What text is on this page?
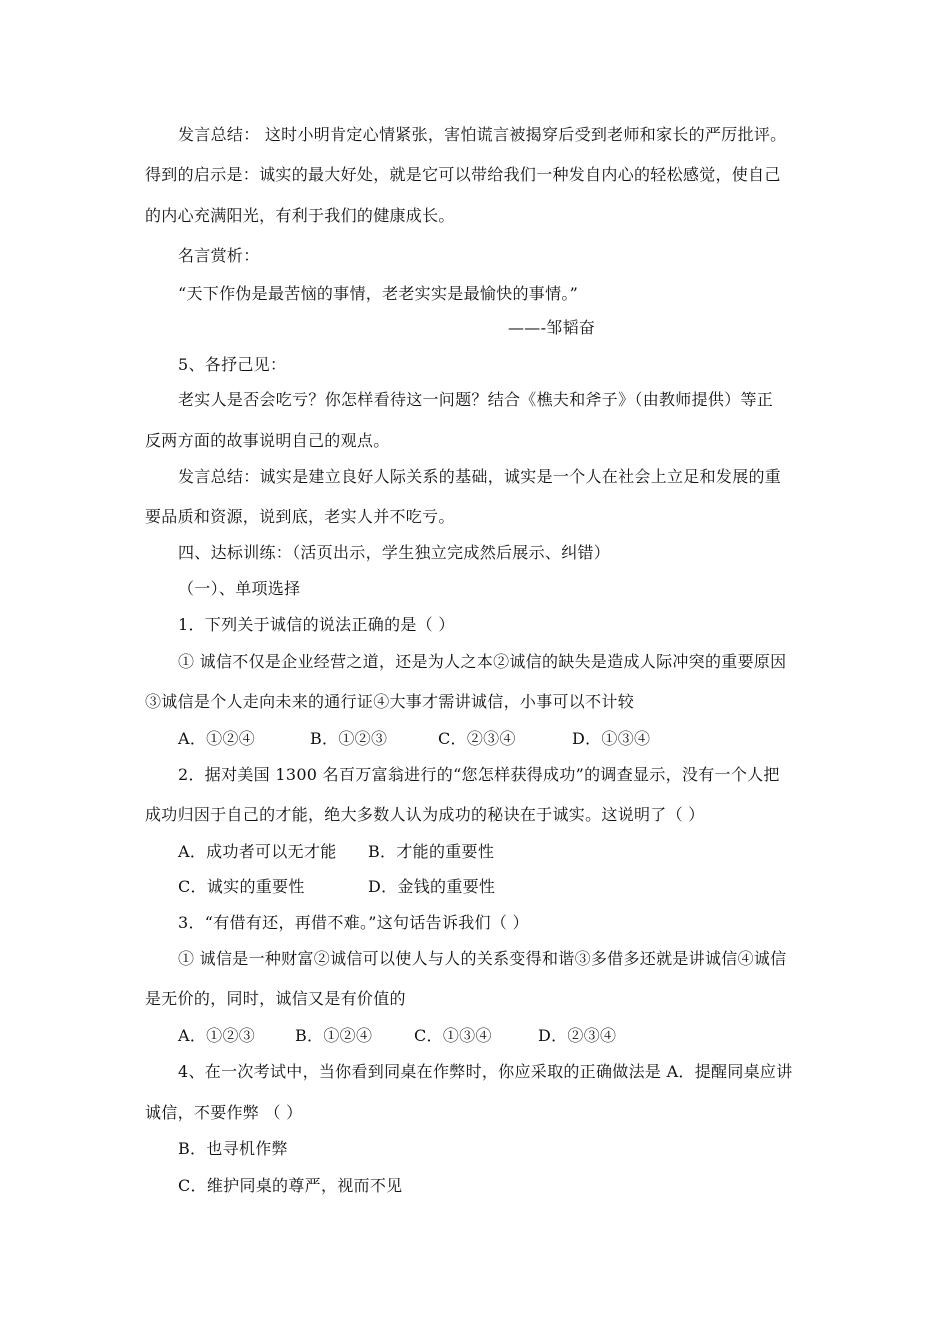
发言总结： 这时小明肯定心情紧张，害怕谎言被揭穿后受到老师和家长的严厉批评。
得到的启示是：诚实的最大好处，就是它可以带给我们一种发自内心的轻松感觉，使自己
的内心充满阳光，有利于我们的健康成长。
名言赏析：
“天下作伪是最苦恼的事情，老老实实是最愉快的事情。”
——-邹韬奋
5、各抒己见：
老实人是否会吃亏？你怎样看待这一问题？结合《樵夫和斧子》（由教师提供）等正
反两方面的故事说明自己的观点。
发言总结：诚实是建立良好人际关系的基础，诚实是一个人在社会上立足和发展的重
要品质和资源，说到底，老实人并不吃亏。
四、达标训练：（活页出示，学生独立完成然后展示、纠错）
（一）、单项选择
1．下列关于诚信的说法正确的是（ ）
① 诚信不仅是企业经营之道，还是为人之本②诚信的缺失是造成人际冲突的重要原因
③诚信是个人走向未来的通行证④大事才需讲诚信，小事可以不计较
A．①②④	B．①②③	C．②③④	D．①③④
2．据对美国 1300 名百万富翁进行的“您怎样获得成功”的调查显示，没有一个人把
成功归因于自己的才能，绝大多数人认为成功的秘诀在于诚实。这说明了（ ）
A．成功者可以无才能 B．才能的重要性
C．诚实的重要性	D．金钱的重要性
3．“有借有还，再借不难。”这句话告诉我们（ ）
① 诚信是一种财富②诚信可以使人与人的关系变得和谐③多借多还就是讲诚信④诚信
是无价的，同时，诚信又是有价值的
A．①②③ B．①②④	C．①③④	D．②③④
4、在一次考试中，当你看到同桌在作弊时，你应采取的正确做法是 A．提醒同桌应讲
诚信，不要作弊 （ ）
B．也寻机作弊
C．维护同桌的尊严，视而不见
